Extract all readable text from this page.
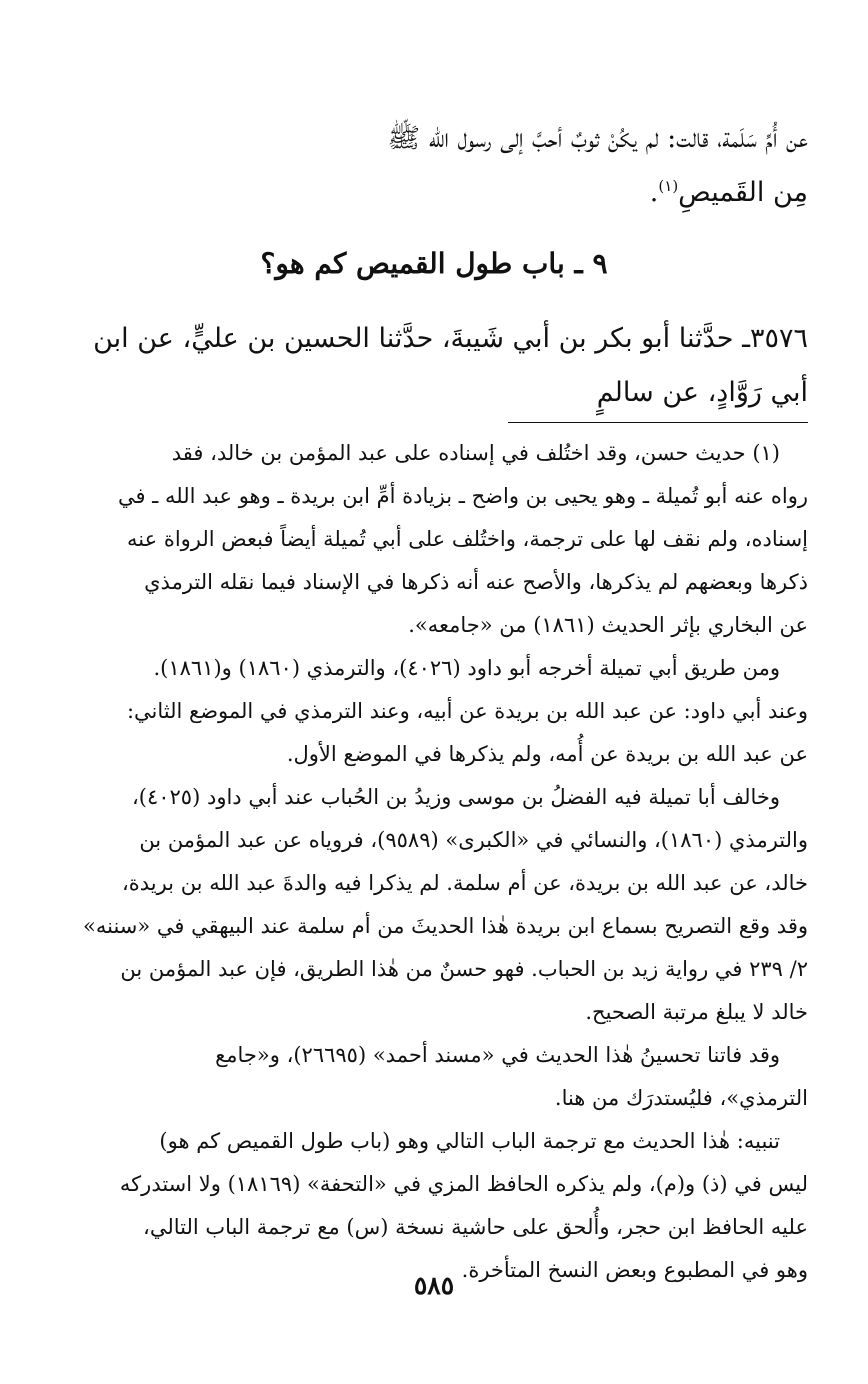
عن أُمِّ سَلَمة، قالت: لم يكُنْ ثوبٌ أحبَّ إلى رسول الله ﷺ
مِن القَميصِ$^{(١)}$.
٩ ـ باب طول القميص كم هو؟
٣٥٧٦ـ حدَّثنا أبو بكر بن أبي شَيبةَ، حدَّثنا الحسين بن عليٍّ، عن ابن
أبي رَوَّادٍ، عن سالمٍ

(١) حديث حسن، وقد اختُلف في إسناده على عبد المؤمن بن خالد، فقد
رواه عنه أبو تُميلة ـ وهو يحيى بن واضح ـ بزيادة أمِّ ابن بريدة ـ وهو عبد الله ـ في
إسناده، ولم نقف لها على ترجمة، واختُلف على أبي تُميلة أيضاً فبعض الرواة عنه
ذكرها وبعضهم لم يذكرها، والأصح عنه أنه ذكرها في الإسناد فيما نقله الترمذي
عن البخاري بإثر الحديث (١٨٦١) من «جامعه».

ومن طريق أبي تميلة أخرجه أبو داود (٤٠٢٦)، والترمذي (١٨٦٠) و(١٨٦١).
وعند أبي داود: عن عبد الله بن بريدة عن أبيه، وعند الترمذي في الموضع الثاني:
عن عبد الله بن بريدة عن أُمه، ولم يذكرها في الموضع الأول.

وخالف أبا تميلة فيه الفضلُ بن موسى وزيدُ بن الحُباب عند أبي داود (٤٠٢٥)،
والترمذي (١٨٦٠)، والنسائي في «الكبرى» (٩٥٨٩)، فروياه عن عبد المؤمن بن
خالد، عن عبد الله بن بريدة، عن أم سلمة. لم يذكرا فيه والدةَ عبد الله بن بريدة،
وقد وقع التصريح بسماع ابن بريدة هٰذا الحديثَ من أم سلمة عند البيهقي في «سننه»
٢/ ٢٣٩ في رواية زيد بن الحباب. فهو حسنٌ من هٰذا الطريق، فإن عبد المؤمن بن
خالد لا يبلغ مرتبة الصحيح.

وقد فاتنا تحسينُ هٰذا الحديث في «مسند أحمد» (٢٦٦٩٥)، و«جامع
الترمذي»، فليُستدرَك من هنا.

تنبيه: هٰذا الحديث مع ترجمة الباب التالي وهو (باب طول القميص كم هو)
ليس في (ذ) و(م)، ولم يذكره الحافظ المزي في «التحفة» (١٨١٦٩) ولا استدركه
عليه الحافظ ابن حجر، وأُلحق على حاشية نسخة (س) مع ترجمة الباب التالي،
وهو في المطبوع وبعض النسخ المتأخرة.

٥٨٥
